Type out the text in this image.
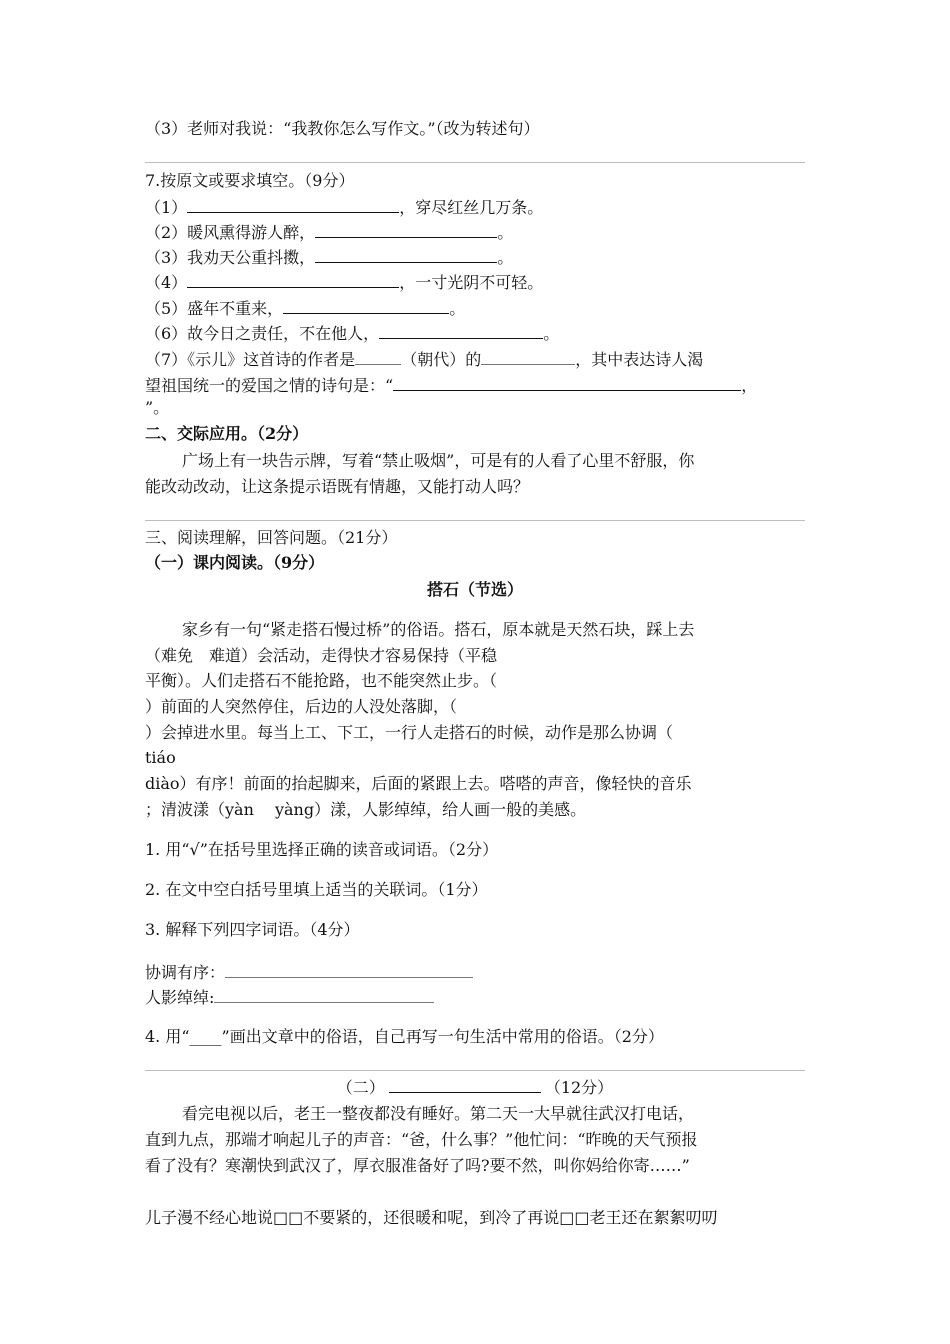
（3）老师对我说：“我教你怎么写作文。”（改为转述句）
7.按原文或要求填空。（9分）
（1）	，穿尽红丝几万条。
（2）暖风熏得游人醉，	。
（3）我劝天公重抖擞，	。
（4）	，一寸光阴不可轻。
（5）盛年不重来，	。
（6）故今日之责任，不在他人，	。
（7）《示儿》这首诗的作者是	（朝代）的	，其中表达诗人渴
望祖国统一的爱国之情的诗句是：“	，
”。
二、交际应用。（2分）
广场上有一块告示牌，写着“禁止吸烟”，可是有的人看了心里不舒服，你
能改动改动，让这条提示语既有情趣，又能打动人吗？
三、阅读理解，回答问题。（21分）
（一）课内阅读。（9分）
搭石（节选）
家乡有一句“紧走搭石慢过桥”的俗语。搭石，原本就是天然石块，踩上去
（难免　难道）会活动，走得快才容易保持（平稳
平衡）。人们走搭石不能抢路，也不能突然止步。（
）前面的人突然停住，后边的人没处落脚，（
）会掉进水里。每当上工、下工，一行人走搭石的时候，动作是那么协调（
tiáo
diào）有序！前面的抬起脚来，后面的紧跟上去。嗒嗒的声音，像轻快的音乐
；清波漾（yàn　 yàng）漾，人影绰绰，给人画一般的美感。
1. 用“√”在括号里选择正确的读音或词语。（2分）
2. 在文中空白括号里填上适当的关联词。（1分）
3. 解释下列四字词语。（4分）
协调有序：
人影绰绰:
4. 用“____”画出文章中的俗语，自己再写一句生活中常用的俗语。（2分）
（二）	（12分）
看完电视以后，老王一整夜都没有睡好。第二天一大早就往武汉打电话，
直到九点，那端才响起儿子的声音：“爸，什么事？”他忙问：“昨晚的天气预报
看了没有？寒潮快到武汉了，厚衣服准备好了吗?要不然，叫你妈给你寄……”
儿子漫不经心地说□□不要紧的，还很暖和呢，到冷了再说□□老王还在絮絮叨叨
